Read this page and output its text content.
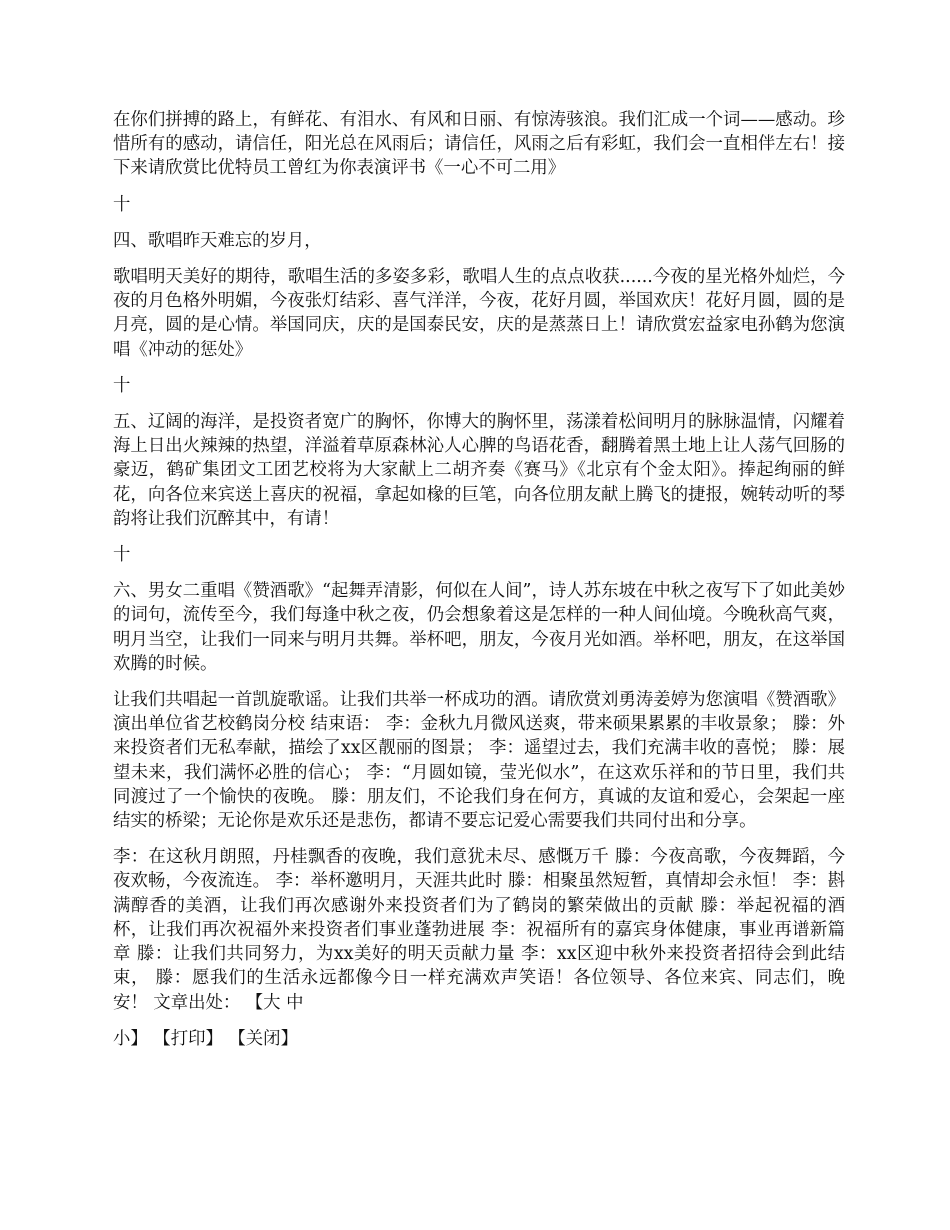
在你们拼搏的路上，有鲜花、有泪水、有风和日丽、有惊涛骇浪。我们汇成一个词——感动。珍惜所有的感动，请信任，阳光总在风雨后；请信任，风雨之后有彩虹，我们会一直相伴左右！接下来请欣赏比优特员工曾红为你表演评书《一心不可二用》

十

四、歌唱昨天难忘的岁月，

歌唱明天美好的期待，歌唱生活的多姿多彩，歌唱人生的点点收获......今夜的星光格外灿烂，今夜的月色格外明媚，今夜张灯结彩、喜气洋洋，今夜，花好月圆，举国欢庆！花好月圆，圆的是月亮，圆的是心情。举国同庆，庆的是国泰民安，庆的是蒸蒸日上！请欣赏宏益家电孙鹤为您演唱《冲动的惩处》

十

五、辽阔的海洋，是投资者宽广的胸怀，你博大的胸怀里，荡漾着松间明月的脉脉温情，闪耀着海上日出火辣辣的热望，洋溢着草原森林沁人心脾的鸟语花香，翻腾着黑土地上让人荡气回肠的豪迈，鹤矿集团文工团艺校将为大家献上二胡齐奏《赛马》《北京有个金太阳》。捧起绚丽的鲜花，向各位来宾送上喜庆的祝福，拿起如椽的巨笔，向各位朋友献上腾飞的捷报，婉转动听的琴韵将让我们沉醉其中，有请！

十

六、男女二重唱《赞酒歌》“起舞弄清影，何似在人间”，诗人苏东坡在中秋之夜写下了如此美妙的词句，流传至今，我们每逢中秋之夜，仍会想象着这是怎样的一种人间仙境。今晚秋高气爽，明月当空，让我们一同来与明月共舞。举杯吧，朋友，今夜月光如酒。举杯吧，朋友，在这举国欢腾的时候。

让我们共唱起一首凯旋歌谣。让我们共举一杯成功的酒。请欣赏刘勇涛姜婷为您演唱《赞酒歌》演出单位省艺校鹤岗分校 结束语： 李：金秋九月微风送爽，带来硕果累累的丰收景象； 滕：外来投资者们无私奉献，描绘了xx区靓丽的图景； 李：遥望过去，我们充满丰收的喜悦； 滕：展望未来，我们满怀必胜的信心； 李：“月圆如镜，莹光似水”，在这欢乐祥和的节日里，我们共同渡过了一个愉快的夜晚。 滕：朋友们，不论我们身在何方，真诚的友谊和爱心，会架起一座结实的桥梁；无论你是欢乐还是悲伤，都请不要忘记爱心需要我们共同付出和分享。

李：在这秋月朗照，丹桂飘香的夜晚，我们意犹未尽、感慨万千 滕：今夜高歌，今夜舞蹈，今夜欢畅，今夜流连。 李：举杯邀明月，天涯共此时 滕：相聚虽然短暂，真情却会永恒！ 李：斟满醇香的美酒，让我们再次感谢外来投资者们为了鹤岗的繁荣做出的贡献 滕：举起祝福的酒杯，让我们再次祝福外来投资者们事业蓬勃进展 李：祝福所有的嘉宾身体健康，事业再谱新篇章 滕：让我们共同努力，为xx美好的明天贡献力量 李：xx区迎中秋外来投资者招待会到此结束， 滕：愿我们的生活永远都像今日一样充满欢声笑语！各位领导、各位来宾、同志们，晚安！ 文章出处： 【大 中

小】 【打印】 【关闭】
